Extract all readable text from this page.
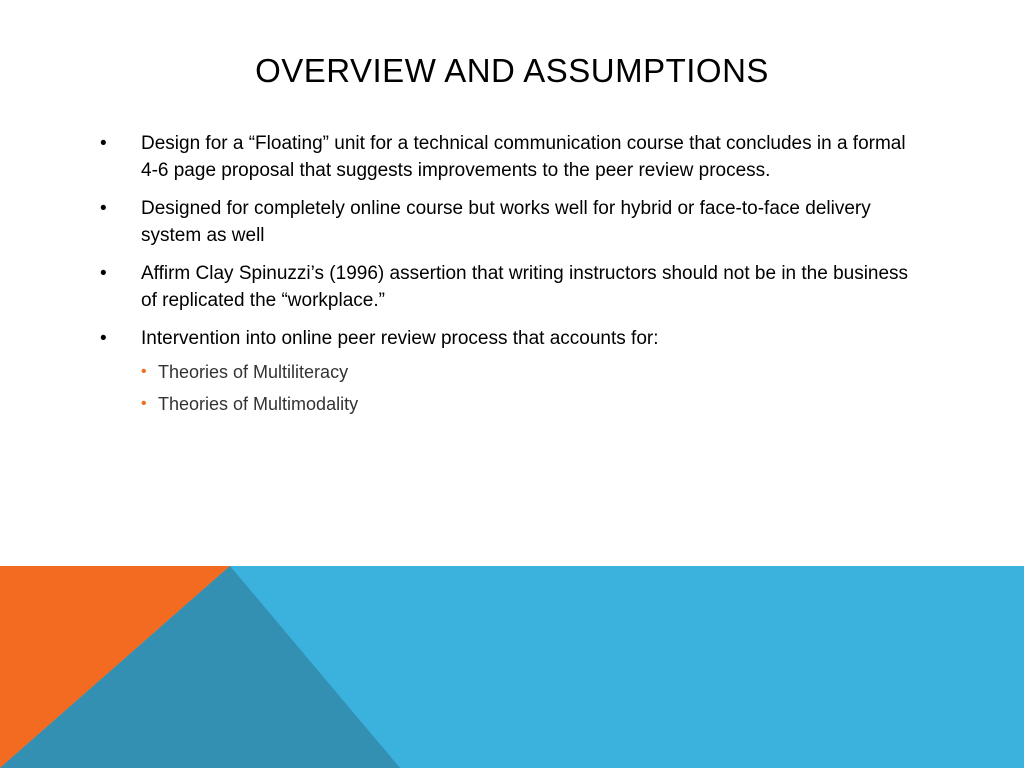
OVERVIEW AND ASSUMPTIONS
• Design for a “Floating” unit for a technical communication course that concludes in a formal 4-6 page proposal that suggests improvements to the peer review process.
• Designed for completely online course but works well for hybrid or face-to-face delivery system as well
• Affirm Clay Spinuzzi’s (1996) assertion that writing instructors should not be in the business of replicated the “workplace.”
• Intervention into online peer review process that accounts for:
• Theories of Multiliteracy
• Theories of Multimodality
